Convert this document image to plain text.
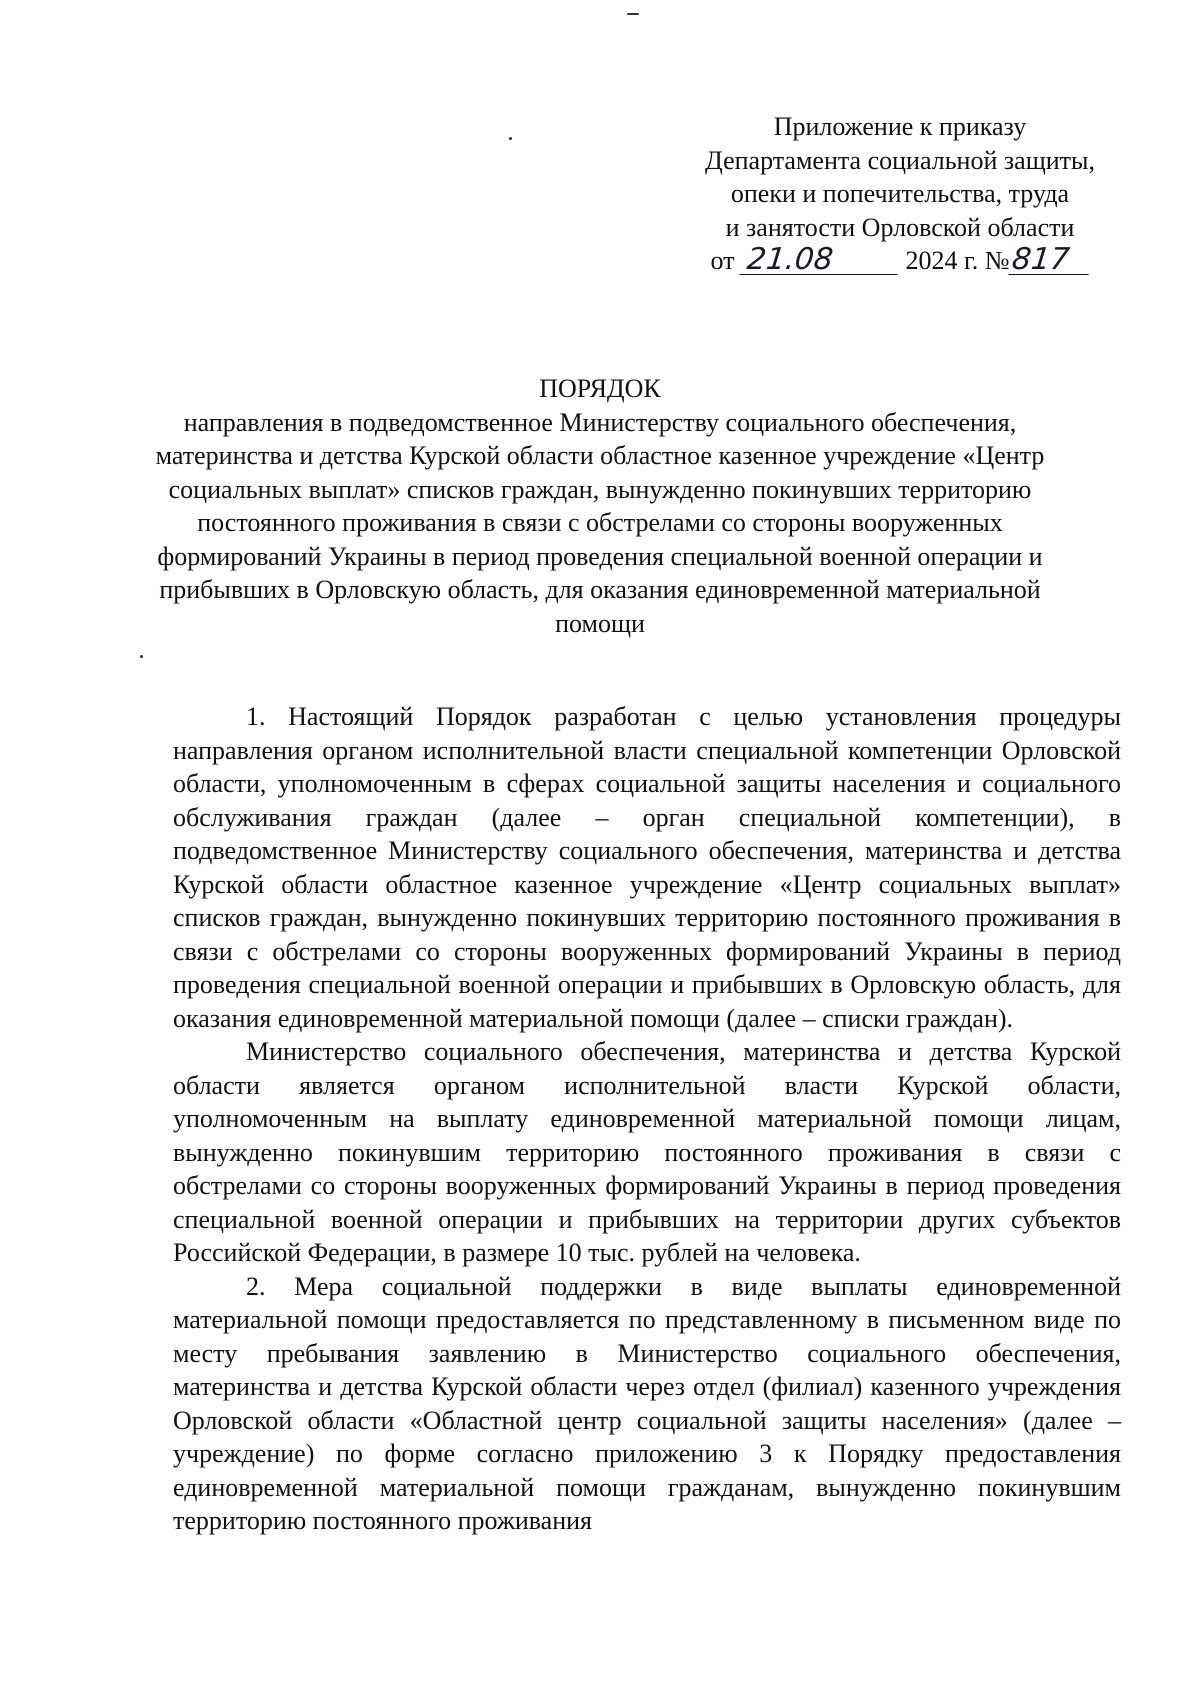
Приложение к приказу
Департамента социальной защиты,
опеки и попечительства, труда
и занятости Орловской области
от 21.08	2024 г. №817
ПОРЯДОК
направления в подведомственное Министерству социального обеспечения, материнства и детства Курской области областное казенное учреждение «Центр социальных выплат» списков граждан, вынужденно покинувших территорию постоянного проживания в связи с обстрелами со стороны вооруженных формирований Украины в период проведения специальной военной операции и прибывших в Орловскую область, для оказания единовременной материальной помощи

1. Настоящий Порядок разработан с целью установления процедуры направления органом исполнительной власти специальной компетенции Орловской области, уполномоченным в сферах социальной защиты населения и социального обслуживания граждан (далее – орган специальной компетенции), в подведомственное Министерству социального обеспечения, материнства и детства Курской области областное казенное учреждение «Центр социальных выплат» списков граждан, вынужденно покинувших территорию постоянного проживания в связи с обстрелами со стороны вооруженных формирований Украины в период проведения специальной военной операции и прибывших в Орловскую область, для оказания единовременной материальной помощи (далее – списки граждан).

Министерство социального обеспечения, материнства и детства Курской области является органом исполнительной власти Курской области, уполномоченным на выплату единовременной материальной помощи лицам, вынужденно покинувшим территорию постоянного проживания в связи с обстрелами со стороны вооруженных формирований Украины в период проведения специальной военной операции и прибывших на территории других субъектов Российской Федерации, в размере 10 тыс. рублей на человека.

2. Мера социальной поддержки в виде выплаты единовременной материальной помощи предоставляется по представленному в письменном виде по месту пребывания заявлению в Министерство социального обеспечения, материнства и детства Курской области через отдел (филиал) казенного учреждения Орловской области «Областной центр социальной защиты населения» (далее – учреждение) по форме согласно приложению 3 к Порядку предоставления единовременной материальной помощи гражданам, вынужденно покинувшим территорию постоянного проживания
